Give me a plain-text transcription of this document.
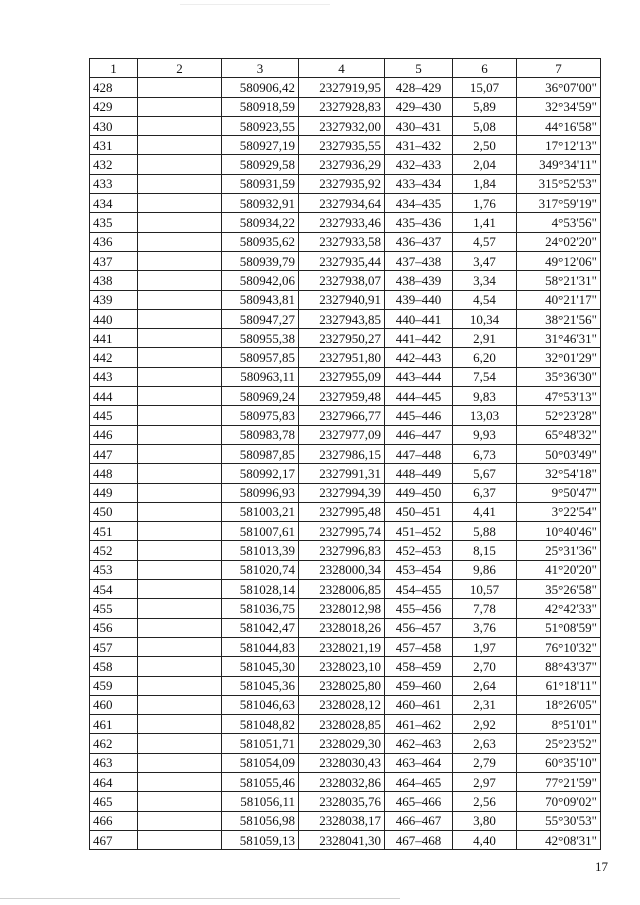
1	2	3	4	5	6	7
428		580906,42	2327919,95	428–429	15,07	36°07'00"
429		580918,59	2327928,83	429–430	5,89	32°34'59"
430		580923,55	2327932,00	430–431	5,08	44°16'58"
431		580927,19	2327935,55	431–432	2,50	17°12'13"
432		580929,58	2327936,29	432–433	2,04	349°34'11"
433		580931,59	2327935,92	433–434	1,84	315°52'53"
434		580932,91	2327934,64	434–435	1,76	317°59'19"
435		580934,22	2327933,46	435–436	1,41	4°53'56"
436		580935,62	2327933,58	436–437	4,57	24°02'20"
437		580939,79	2327935,44	437–438	3,47	49°12'06"
438		580942,06	2327938,07	438–439	3,34	58°21'31"
439		580943,81	2327940,91	439–440	4,54	40°21'17"
440		580947,27	2327943,85	440–441	10,34	38°21'56"
441		580955,38	2327950,27	441–442	2,91	31°46'31"
442		580957,85	2327951,80	442–443	6,20	32°01'29"
443		580963,11	2327955,09	443–444	7,54	35°36'30"
444		580969,24	2327959,48	444–445	9,83	47°53'13"
445		580975,83	2327966,77	445–446	13,03	52°23'28"
446		580983,78	2327977,09	446–447	9,93	65°48'32"
447		580987,85	2327986,15	447–448	6,73	50°03'49"
448		580992,17	2327991,31	448–449	5,67	32°54'18"
449		580996,93	2327994,39	449–450	6,37	9°50'47"
450		581003,21	2327995,48	450–451	4,41	3°22'54"
451		581007,61	2327995,74	451–452	5,88	10°40'46"
452		581013,39	2327996,83	452–453	8,15	25°31'36"
453		581020,74	2328000,34	453–454	9,86	41°20'20"
454		581028,14	2328006,85	454–455	10,57	35°26'58"
455		581036,75	2328012,98	455–456	7,78	42°42'33"
456		581042,47	2328018,26	456–457	3,76	51°08'59"
457		581044,83	2328021,19	457–458	1,97	76°10'32"
458		581045,30	2328023,10	458–459	2,70	88°43'37"
459		581045,36	2328025,80	459–460	2,64	61°18'11"
460		581046,63	2328028,12	460–461	2,31	18°26'05"
461		581048,82	2328028,85	461–462	2,92	8°51'01"
462		581051,71	2328029,30	462–463	2,63	25°23'52"
463		581054,09	2328030,43	463–464	2,79	60°35'10"
464		581055,46	2328032,86	464–465	2,97	77°21'59"
465		581056,11	2328035,76	465–466	2,56	70°09'02"
466		581056,98	2328038,17	466–467	3,80	55°30'53"
467		581059,13	2328041,30	467–468	4,40	42°08'31"
17
